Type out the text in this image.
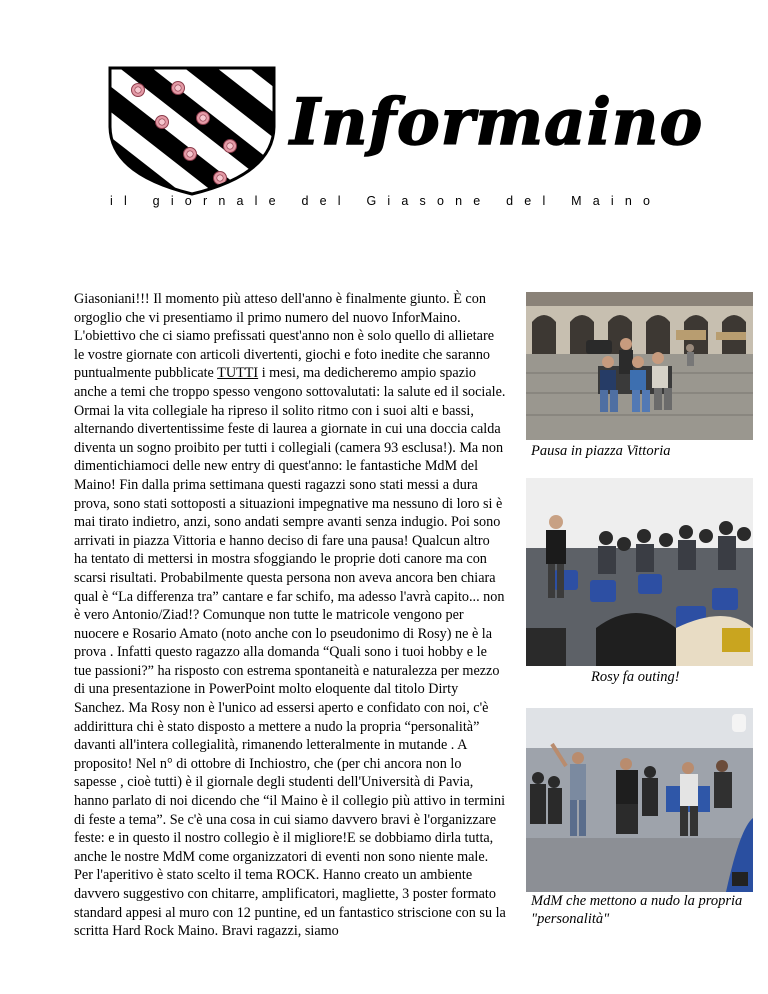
Informaino
i l
g i o r n a l e
d e l
G i a s o n e
d e l
M a i n o

Giasoniani!!! Il momento più atteso dell'anno è finalmente giunto. È con orgoglio che vi presentiamo il primo numero del nuovo InforMaino. L'obiettivo che ci siamo prefissati quest'anno non è solo quello di allietare le vostre giornate con articoli divertenti, giochi e foto inedite che saranno puntualmente pubblicate TUTTI i mesi, ma dedicheremo ampio spazio anche a temi che troppo spesso vengono sottovalutati: la salute ed il sociale. Ormai la vita collegiale ha ripreso il solito ritmo con i suoi alti e bassi, alternando divertentissime feste di laurea a giornate in cui una doccia calda diventa un sogno proibito per tutti i collegiali (camera 93 esclusa!). Ma non dimentichiamoci delle new entry di quest'anno: le fantastiche MdM del Maino! Fin dalla prima settimana questi ragazzi sono stati messi a dura prova, sono stati sottoposti a situazioni impegnative ma nessuno di loro si è mai tirato indietro, anzi, sono andati sempre avanti senza indugio. Poi sono arrivati in piazza Vittoria e hanno deciso di fare una pausa! Qualcun altro ha tentato di mettersi in mostra sfoggiando le proprie doti canore ma con scarsi risultati. Probabilmente questa persona non aveva ancora ben chiara qual è “La differenza tra” cantare e far schifo, ma adesso l'avrà capito... non è vero Antonio/Ziad!? Comunque non tutte le matricole vengono per nuocere e Rosario Amato (noto anche con lo pseudonimo di Rosy) ne è la prova . Infatti questo ragazzo alla domanda “Quali sono i tuoi hobby e le tue passioni?” ha risposto con estrema spontaneità e naturalezza per mezzo di una presentazione in PowerPoint molto eloquente dal titolo Dirty Sanchez. Ma Rosy non è l'unico ad essersi aperto e confidato con noi, c'è addirittura chi è stato disposto a mettere a nudo la propria “personalità” davanti all'intera collegialità, rimanendo letteralmente in mutande . A proposito! Nel n° di ottobre di Inchiostro, che (per chi ancora non lo sapesse , cioè tutti) è il giornale degli studenti dell'Università di Pavia, hanno parlato di noi dicendo che “il Maino è il collegio più attivo in termini di feste a tema”. Se c'è una cosa in cui siamo davvero bravi è l'organizzare feste: e in questo il nostro collegio è il migliore!E se dobbiamo dirla tutta, anche le nostre MdM come organizzatori di eventi non sono niente male. Per l'aperitivo è stato scelto il tema ROCK. Hanno creato un ambiente davvero suggestivo con chitarre, amplificatori, magliette, 3 poster formato standard appesi al muro con 12 puntine, ed un fantastico striscione con su la scritta Hard Rock Maino. Bravi ragazzi, siamo

Pausa in piazza Vittoria
Rosy fa outing!
MdM che mettono a nudo la propria "personalità"
